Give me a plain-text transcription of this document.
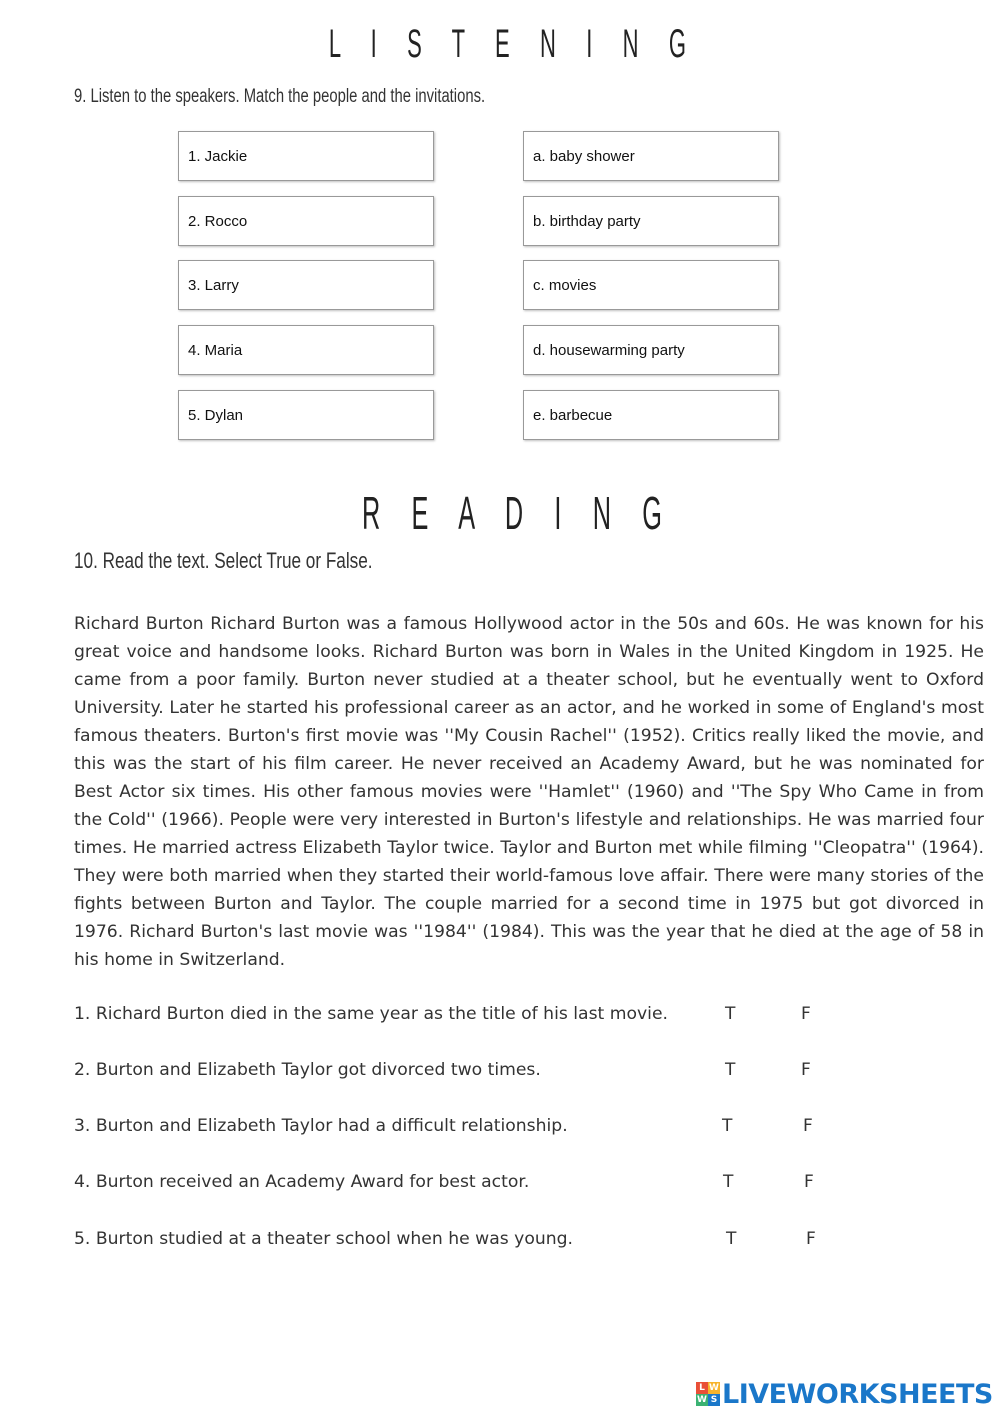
L I S T E N I N G
9. Listen to the speakers. Match the people and the invitations.
1. Jackie
2. Rocco
3. Larry
4. Maria
5. Dylan
a. baby shower
b. birthday party
c. movies
d. housewarming party
e. barbecue
R E A D I N G
10. Read the text. Select True or False.

Richard Burton Richard Burton was a famous Hollywood actor in the 50s and 60s. He was known for his great voice and handsome looks. Richard Burton was born in Wales in the United Kingdom in 1925. He came from a poor family. Burton never studied at a theater school, but he eventually went to Oxford University. Later he started his professional career as an actor, and he worked in some of England's most famous theaters. Burton's first movie was ''My Cousin Rachel'' (1952). Critics really liked the movie, and this was the start of his film career. He never received an Academy Award, but he was nominated for Best Actor six times. His other famous movies were ''Hamlet'' (1960) and ''The Spy Who Came in from the Cold'' (1966). People were very interested in Burton's lifestyle and relationships. He was married four times. He married actress Elizabeth Taylor twice. Taylor and Burton met while filming ''Cleopatra'' (1964). They were both married when they started their world-famous love affair. There were many stories of the fights between Burton and Taylor. The couple married for a second time in 1975 but got divorced in 1976. Richard Burton's last movie was ''1984'' (1984). This was the year that he died at the age of 58 in his home in Switzerland.

1. Richard Burton died in the same year as the title of his last movie.	T	F
2. Burton and Elizabeth Taylor got divorced two times.	T	F
3. Burton and Elizabeth Taylor had a difficult relationship.	T	F
4. Burton received an Academy Award for best actor.	T	F
5. Burton studied at a theater school when he was young.	T	F
L W
W S LIVEWORKSHEETS
